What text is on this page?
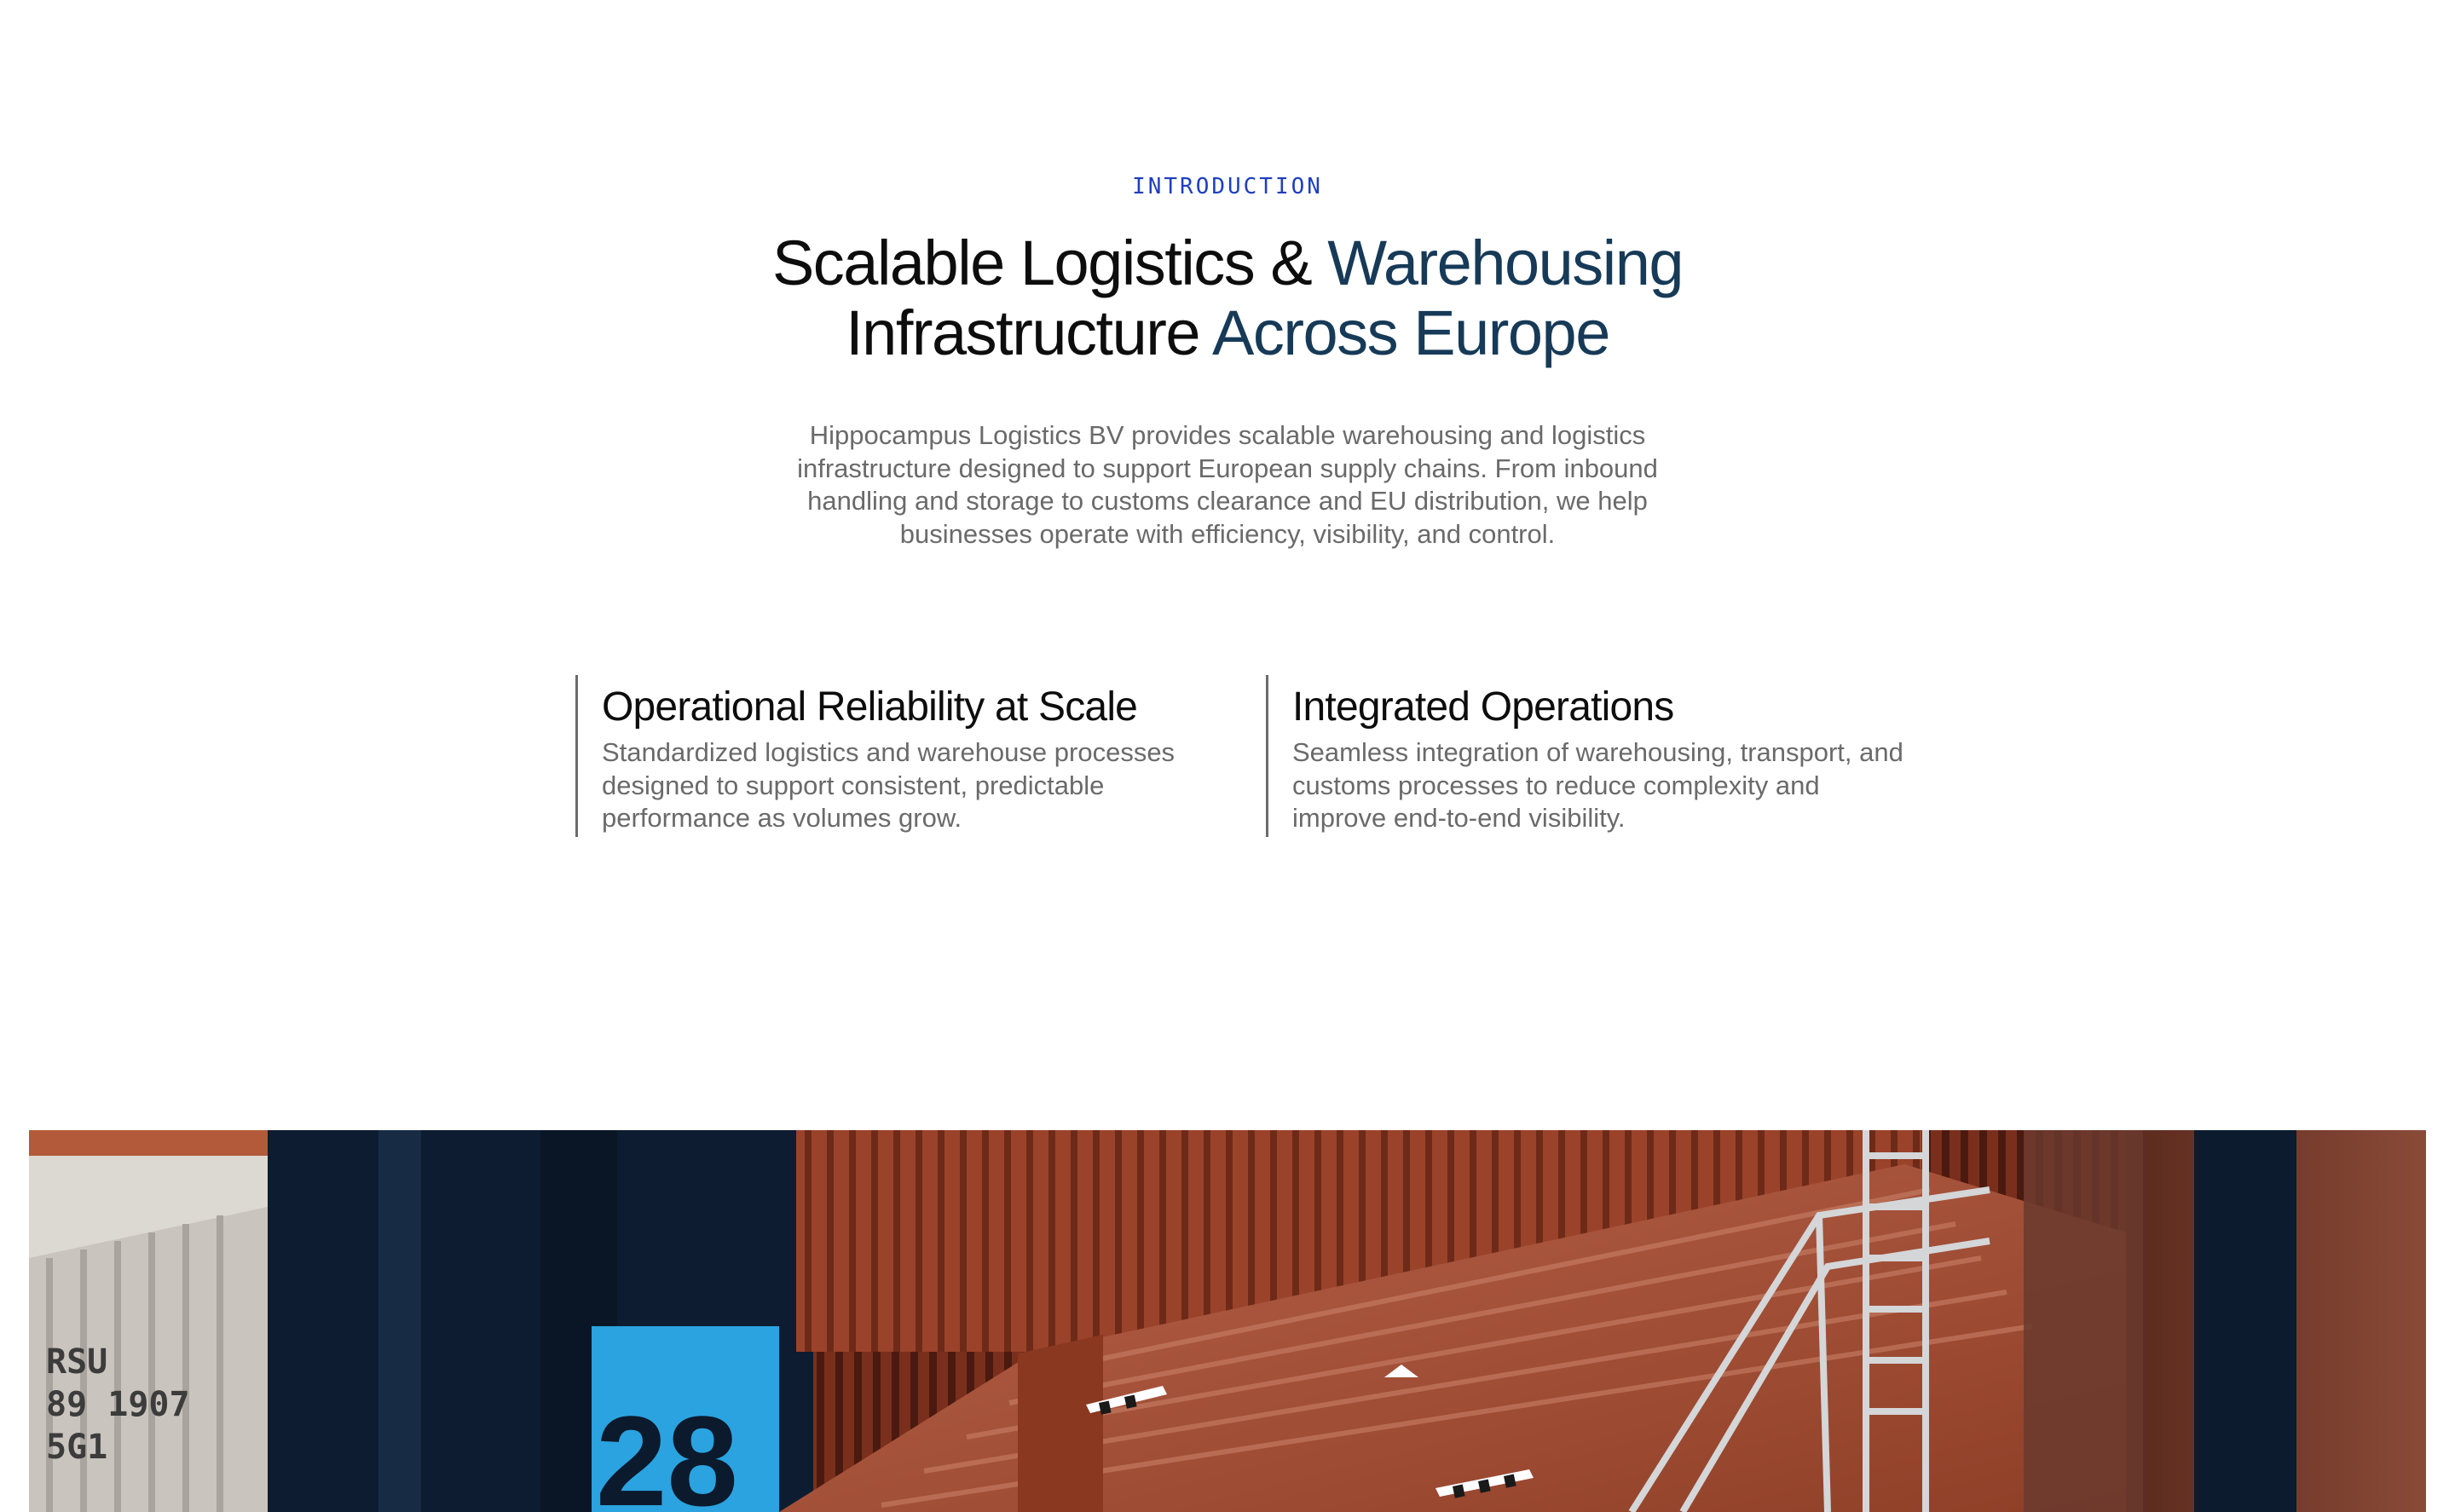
INTRODUCTION
Scalable Logistics & Warehousing
Infrastructure Across Europe

Hippocampus Logistics BV provides scalable warehousing and logistics infrastructure designed to support European supply chains. From inbound handling and storage to customs clearance and EU distribution, we help businesses operate with efficiency, visibility, and control.

Operational Reliability at Scale

Standardized logistics and warehouse processes designed to support consistent, predictable performance as volumes grow.

Integrated Operations

Seamless integration of warehousing, transport, and customs processes to reduce complexity and improve end-to-end visibility.

RSU
89 1907
5G1	28
